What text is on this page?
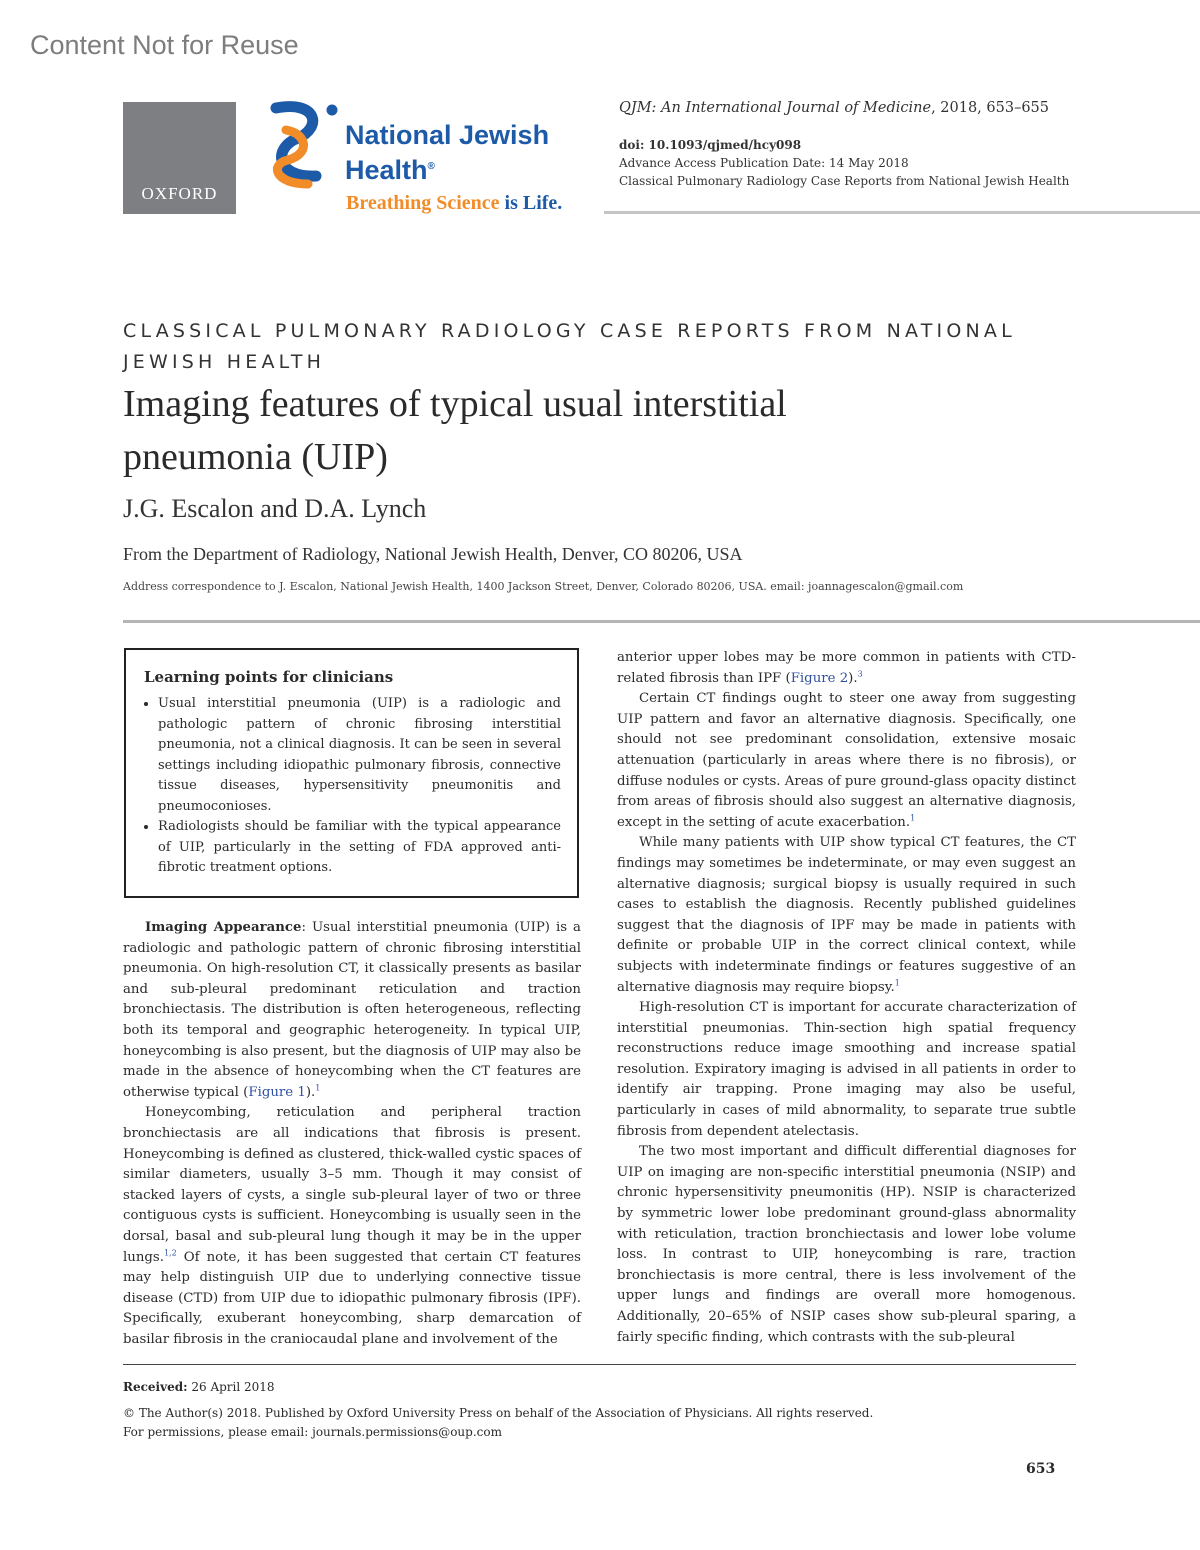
Content Not for Reuse
OXFORD
National Jewish
Health®
Breathing Science is Life.

QJM: An International Journal of Medicine, 2018, 653–655

doi: 10.1093/qjmed/hcy098

Advance Access Publication Date: 14 May 2018

Classical Pulmonary Radiology Case Reports from National Jewish Health

CLASSICAL PULMONARY RADIOLOGY CASE REPORTS FROM NATIONAL JEWISH HEALTH
Imaging features of typical usual interstitial pneumonia (UIP)
J.G. Escalon and D.A. Lynch
From the Department of Radiology, National Jewish Health, Denver, CO 80206, USA
Address correspondence to J. Escalon, National Jewish Health, 1400 Jackson Street, Denver, Colorado 80206, USA. email: joannagescalon@gmail.com

Learning points for clinicians

• Usual interstitial pneumonia (UIP) is a radiologic and pathologic pattern of chronic fibrosing interstitial pneumonia, not a clinical diagnosis. It can be seen in several settings including idiopathic pulmonary fibrosis, connective tissue diseases, hypersensitivity pneumonitis and pneumoconioses.
• Radiologists should be familiar with the typical appearance of UIP, particularly in the setting of FDA approved anti-fibrotic treatment options.

Imaging Appearance: Usual interstitial pneumonia (UIP) is a radiologic and pathologic pattern of chronic fibrosing interstitial pneumonia. On high-resolution CT, it classically presents as basilar and sub-pleural predominant reticulation and traction bronchiectasis. The distribution is often heterogeneous, reflecting both its temporal and geographic heterogeneity. In typical UIP, honeycombing is also present, but the diagnosis of UIP may also be made in the absence of honeycombing when the CT features are otherwise typical (Figure 1).$^1$

Honeycombing, reticulation and peripheral traction bronchiectasis are all indications that fibrosis is present. Honeycombing is defined as clustered, thick-walled cystic spaces of similar diameters, usually 3–5 mm. Though it may consist of stacked layers of cysts, a single sub-pleural layer of two or three contiguous cysts is sufficient. Honeycombing is usually seen in the dorsal, basal and sub-pleural lung though it may be in the upper lungs.$^{1,2}$ Of note, it has been suggested that certain CT features may help distinguish UIP due to underlying connective tissue disease (CTD) from UIP due to idiopathic pulmonary fibrosis (IPF). Specifically, exuberant honeycombing, sharp demarcation of basilar fibrosis in the craniocaudal plane and involvement of the

anterior upper lobes may be more common in patients with CTD-related fibrosis than IPF (Figure 2).$^3$

Certain CT findings ought to steer one away from suggesting UIP pattern and favor an alternative diagnosis. Specifically, one should not see predominant consolidation, extensive mosaic attenuation (particularly in areas where there is no fibrosis), or diffuse nodules or cysts. Areas of pure ground-glass opacity distinct from areas of fibrosis should also suggest an alternative diagnosis, except in the setting of acute exacerbation.$^1$

While many patients with UIP show typical CT features, the CT findings may sometimes be indeterminate, or may even suggest an alternative diagnosis; surgical biopsy is usually required in such cases to establish the diagnosis. Recently published guidelines suggest that the diagnosis of IPF may be made in patients with definite or probable UIP in the correct clinical context, while subjects with indeterminate findings or features suggestive of an alternative diagnosis may require biopsy.$^1$

High-resolution CT is important for accurate characterization of interstitial pneumonias. Thin-section high spatial frequency reconstructions reduce image smoothing and increase spatial resolution. Expiratory imaging is advised in all patients in order to identify air trapping. Prone imaging may also be useful, particularly in cases of mild abnormality, to separate true subtle fibrosis from dependent atelectasis.

The two most important and difficult differential diagnoses for UIP on imaging are non-specific interstitial pneumonia (NSIP) and chronic hypersensitivity pneumonitis (HP). NSIP is characterized by symmetric lower lobe predominant ground-glass abnormality with reticulation, traction bronchiectasis and lower lobe volume loss. In contrast to UIP, honeycombing is rare, traction bronchiectasis is more central, there is less involvement of the upper lungs and findings are overall more homogenous. Additionally, 20–65% of NSIP cases show sub-pleural sparing, a fairly specific finding, which contrasts with the sub-pleural

Received: 26 April 2018
© The Author(s) 2018. Published by Oxford University Press on behalf of the Association of Physicians. All rights reserved.
For permissions, please email: journals.permissions@oup.com
653
